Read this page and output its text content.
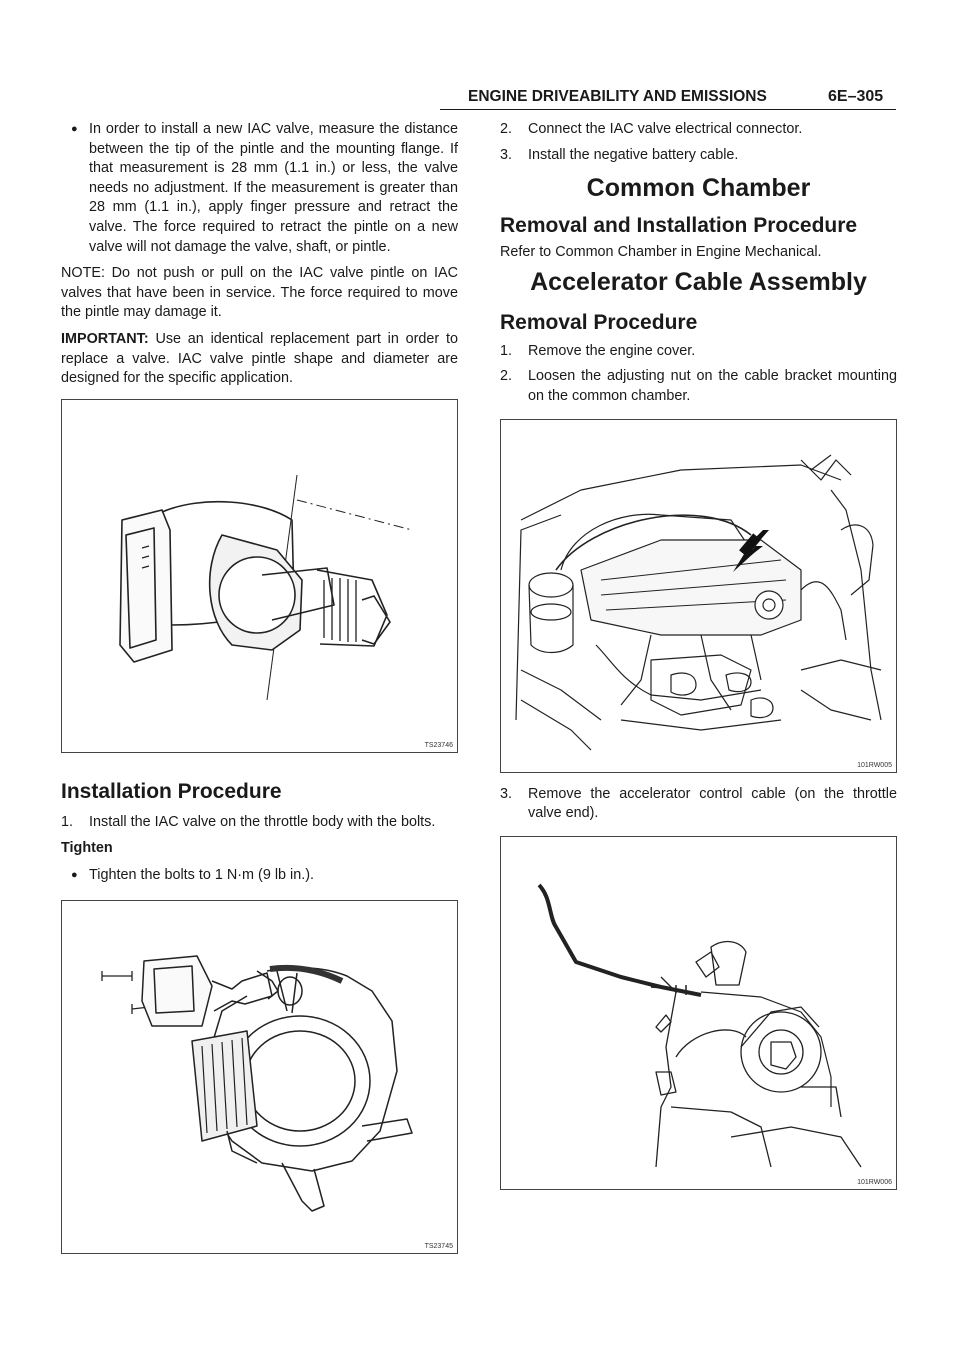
ENGINE DRIVEABILITY AND EMISSIONS	6E–305
● In order to install a new IAC valve, measure the distance between the tip of the pintle and the mounting flange. If that measurement is 28 mm (1.1 in.) or less, the valve needs no adjustment. If the measurement is greater than 28 mm (1.1 in.), apply finger pressure and retract the valve. The force required to retract the pintle on a new valve will not damage the valve, shaft, or pintle.

NOTE: Do not push or pull on the IAC valve pintle on IAC valves that have been in service. The force required to move the pintle may damage it.

IMPORTANT: Use an identical replacement part in order to replace a valve. IAC valve pintle shape and diameter are designed for the specific application.

TS23746
Installation Procedure
1.	Install the IAC valve on the throttle body with the bolts.

Tighten

● Tighten the bolts to 1 N·m (9 lb in.).
TS23745
2.	Connect the IAC valve electrical connector.
3.	Install the negative battery cable.
Common Chamber
Removal and Installation Procedure

Refer to Common Chamber in Engine Mechanical.

Accelerator Cable Assembly
Removal Procedure
1.	Remove the engine cover.
2.	Loosen the adjusting nut on the cable bracket mounting on the common chamber.
101RW005
3.	Remove the accelerator control cable (on the throttle valve end).
101RW006
